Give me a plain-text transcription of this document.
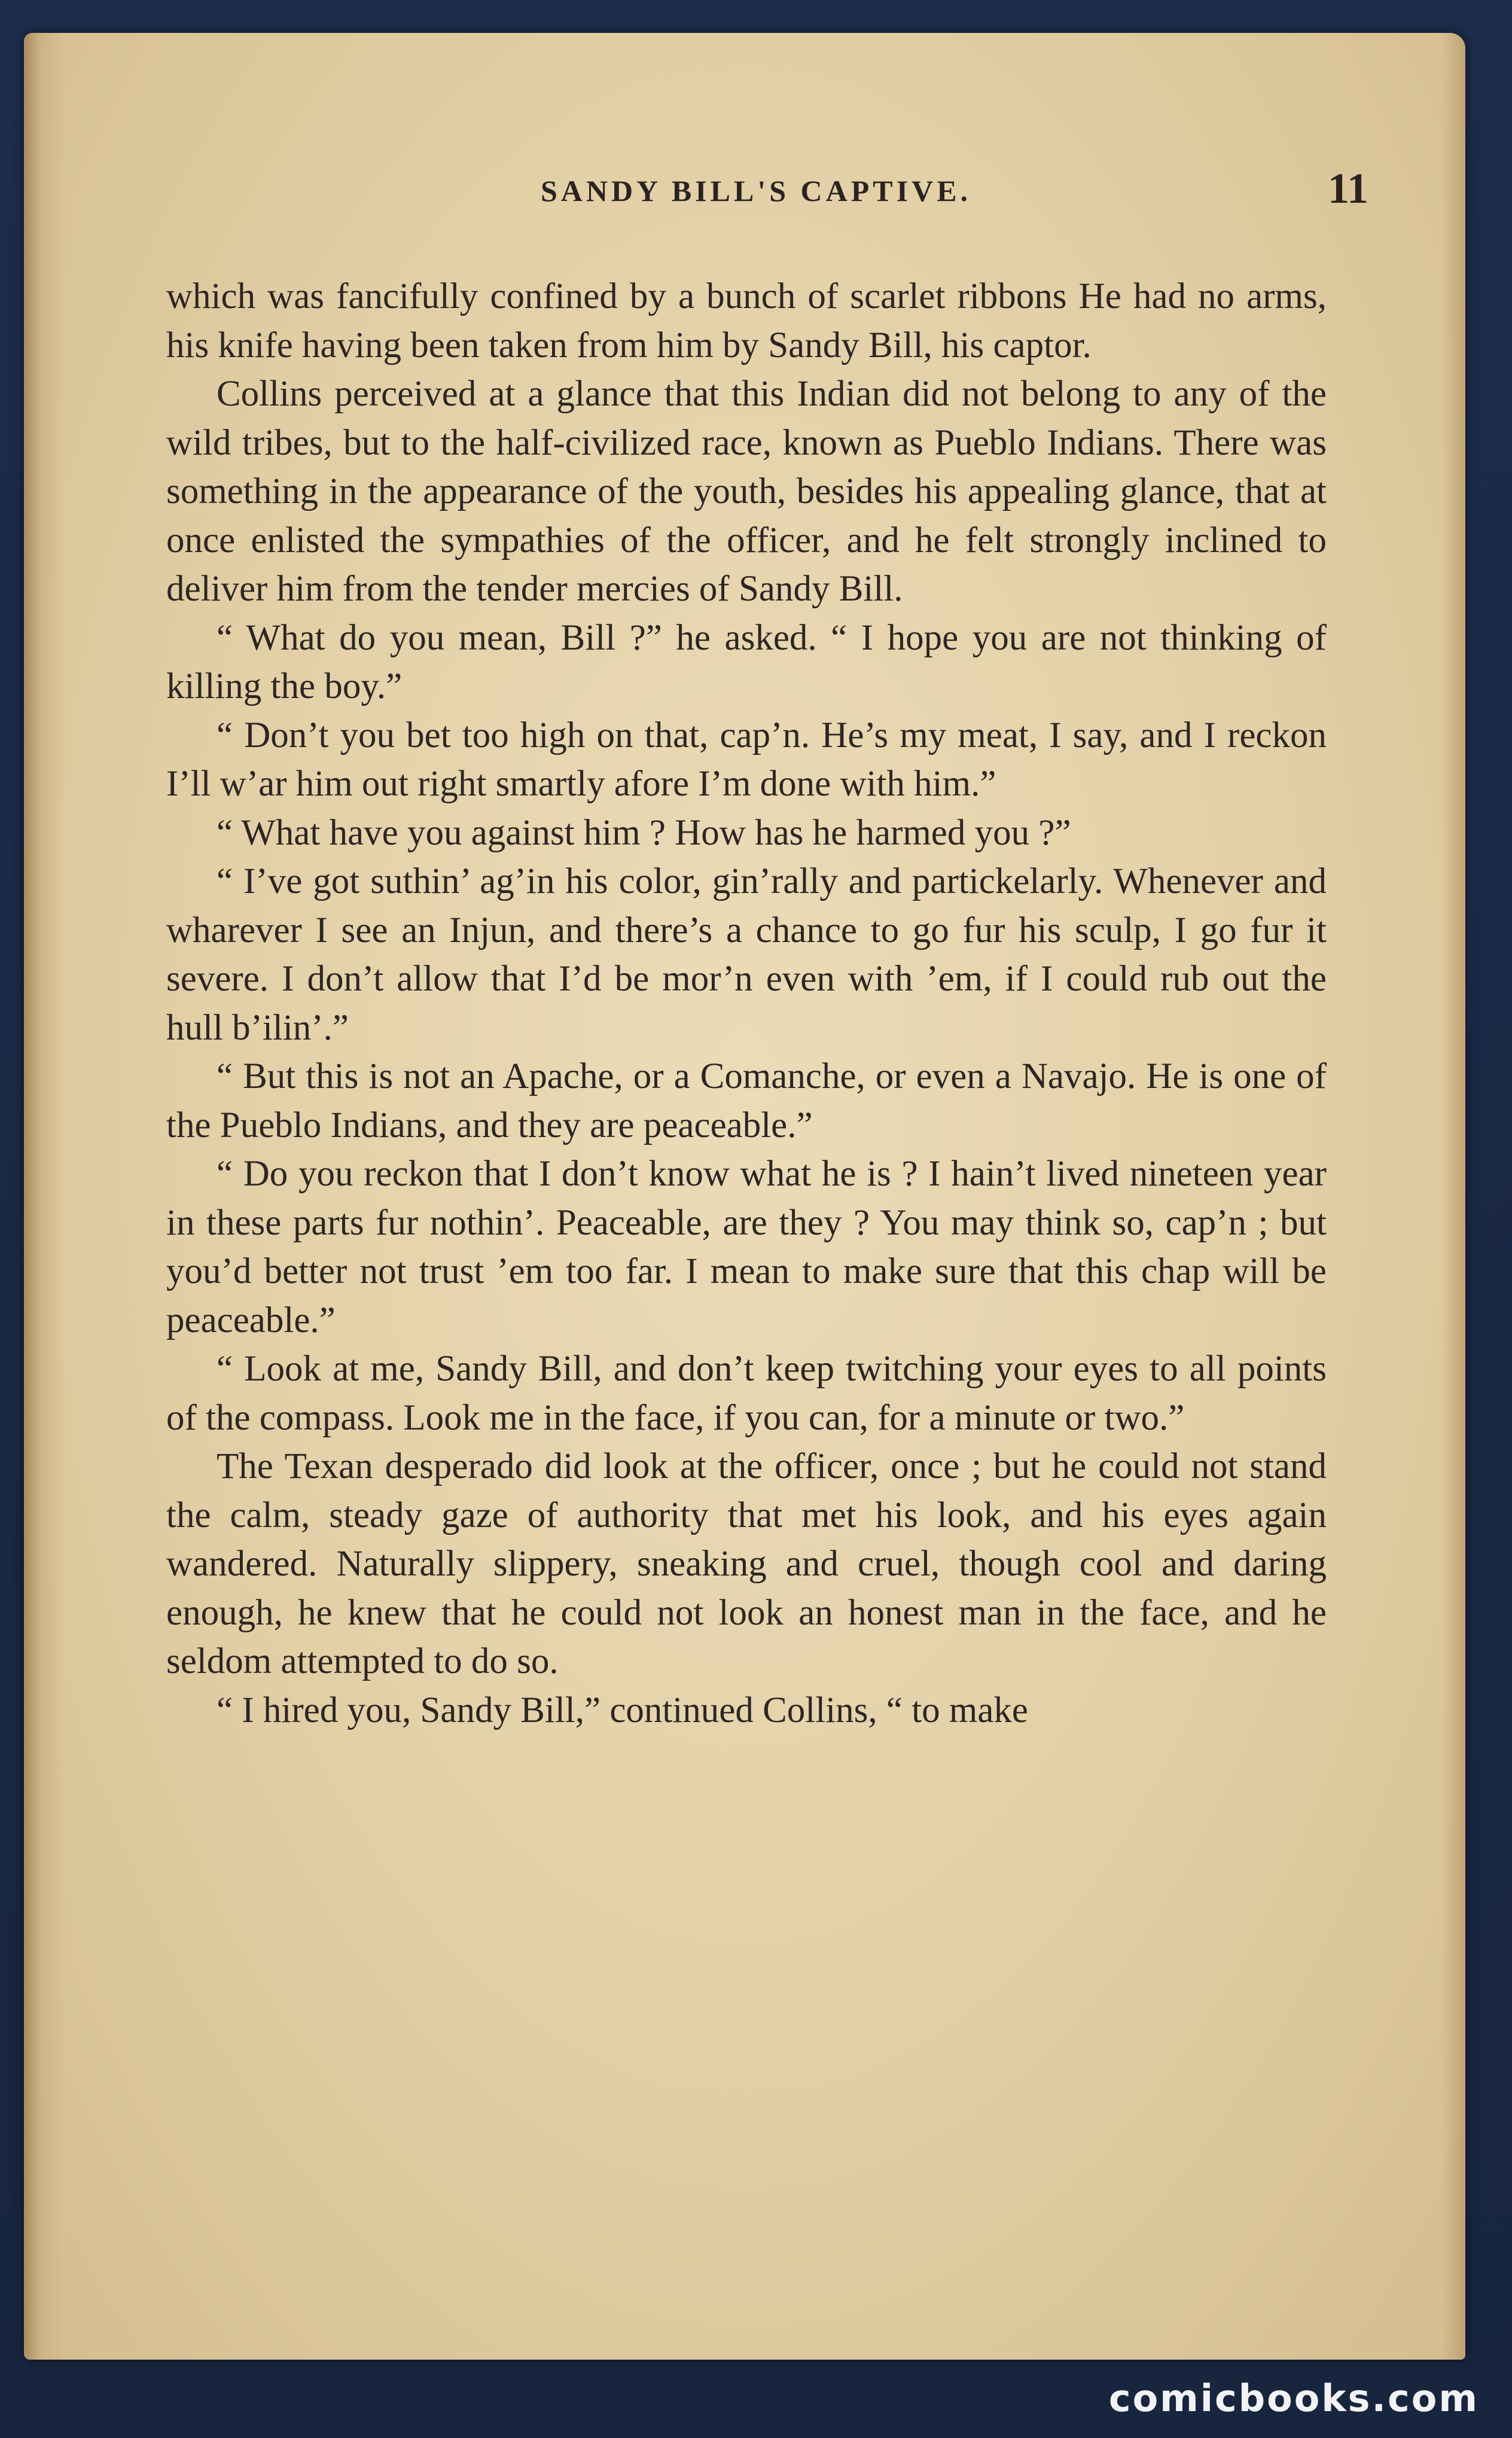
SANDY BILL'S CAPTIVE.	11

which was fancifully confined by a bunch of scarlet ribbons He had no arms, his knife having been taken from him by Sandy Bill, his captor.

Collins perceived at a glance that this Indian did not belong to any of the wild tribes, but to the half-civilized race, known as Pueblo Indians. There was something in the appearance of the youth, besides his appealing glance, that at once enlisted the sympathies of the officer, and he felt strongly inclined to deliver him from the tender mercies of Sandy Bill.

“ What do you mean, Bill ?” he asked. “ I hope you are not thinking of killing the boy.”

“ Don’t you bet too high on that, cap’n. He’s my meat, I say, and I reckon I’ll w’ar him out right smartly afore I’m done with him.”

“ What have you against him ? How has he harmed you ?”

“ I’ve got suthin’ ag’in his color, gin’rally and partickelarly. Whenever and wharever I see an Injun, and there’s a chance to go fur his sculp, I go fur it severe. I don’t allow that I’d be mor’n even with ’em, if I could rub out the hull b’ilin’.”

“ But this is not an Apache, or a Comanche, or even a Navajo. He is one of the Pueblo Indians, and they are peaceable.”

“ Do you reckon that I don’t know what he is ? I hain’t lived nineteen year in these parts fur nothin’. Peaceable, are they ? You may think so, cap’n ; but you’d better not trust ’em too far. I mean to make sure that this chap will be peaceable.”

“ Look at me, Sandy Bill, and don’t keep twitching your eyes to all points of the compass. Look me in the face, if you can, for a minute or two.”

The Texan desperado did look at the officer, once ; but he could not stand the calm, steady gaze of authority that met his look, and his eyes again wandered. Naturally slippery, sneaking and cruel, though cool and daring enough, he knew that he could not look an honest man in the face, and he seldom attempted to do so.

“ I hired you, Sandy Bill,” continued Collins, “ to make

comicbooks.com
